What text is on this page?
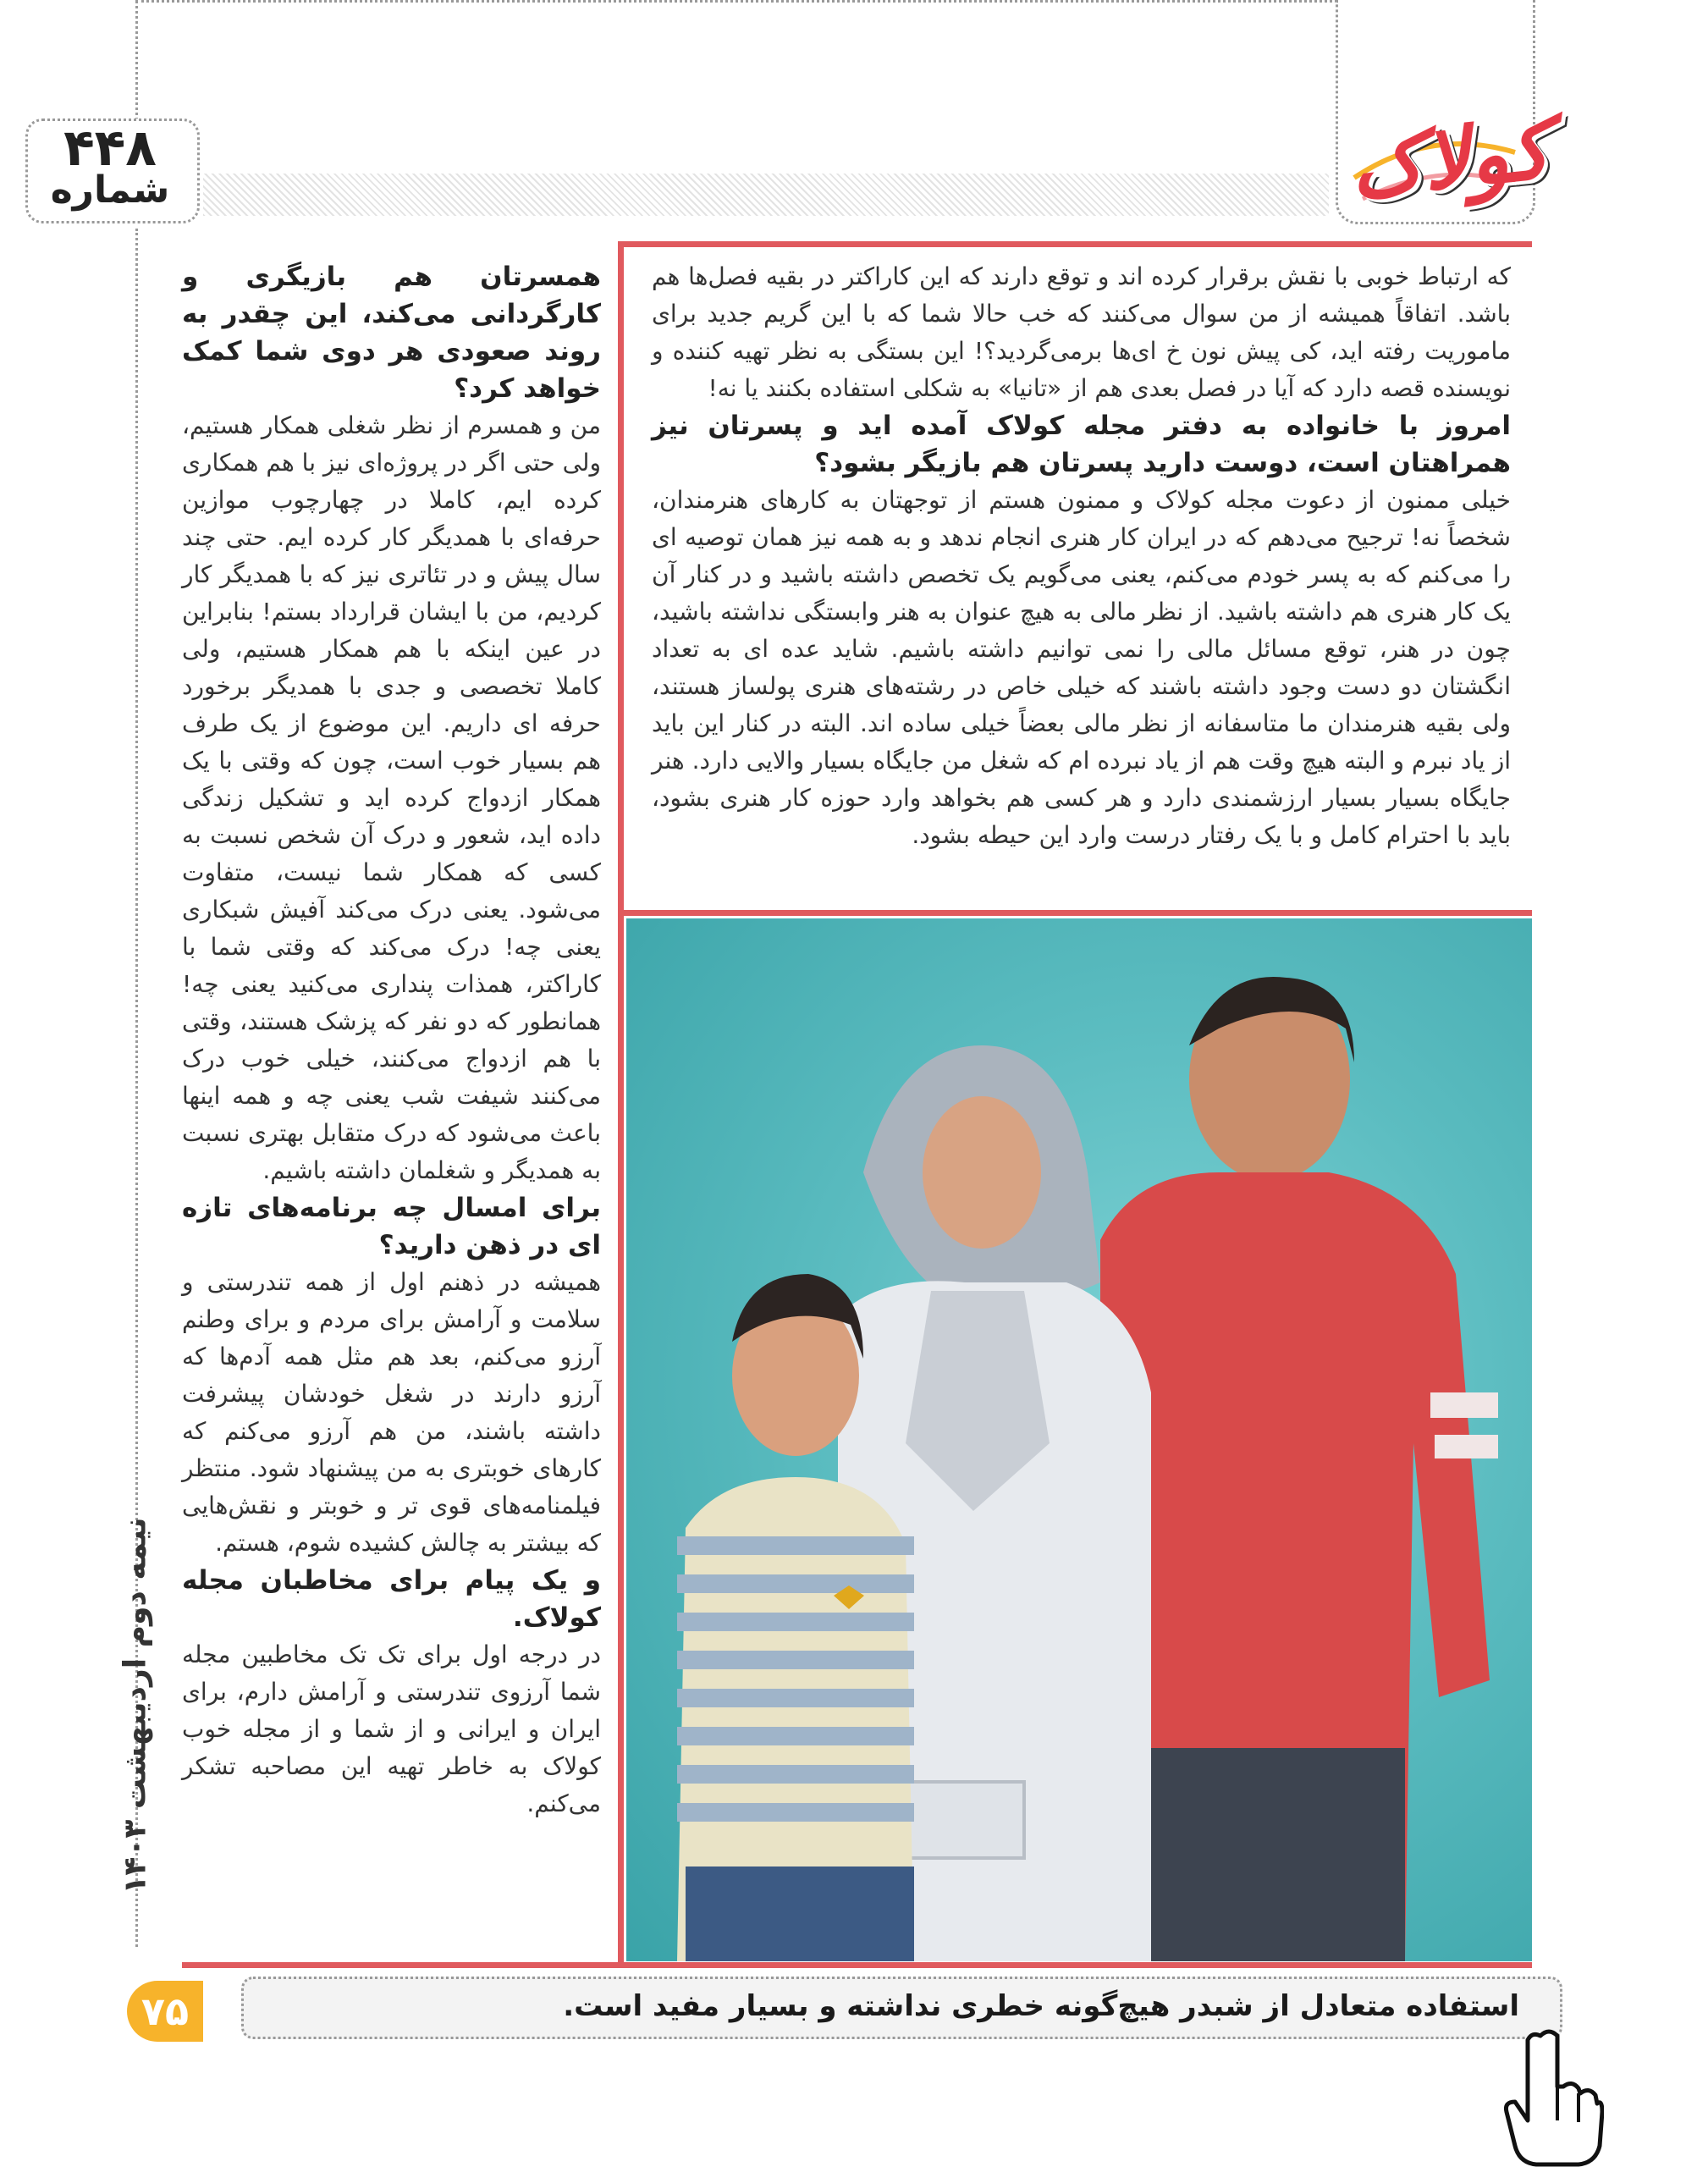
کولاک
۴۴۸
شماره

که ارتباط خوبی با نقش برقرار کرده اند و توقع دارند که این کاراکتر در بقیه فصل‌ها هم باشد. اتفاقاً همیشه از من سوال می‌کنند که خب حالا شما که با این گریم جدید برای ماموریت رفته اید، کی پیش نون خ ای‌ها برمی‌گردید؟! این بستگی به نظر تهیه کننده و نویسنده قصه دارد که آیا در فصل بعدی هم از «تانیا» به شکلی استفاده بکنند یا نه!

امروز با خانواده به دفتر مجله کولاک آمده اید و پسرتان نیز همراهتان است، دوست دارید پسرتان هم بازیگر بشود؟

خیلی ممنون از دعوت مجله کولاک و ممنون هستم از توجهتان به کارهای هنرمندان، شخصاً نه! ترجیح می‌دهم که در ایران کار هنری انجام ندهد و به همه نیز همان توصیه ای را می‌کنم که به پسر خودم می‌کنم، یعنی می‌گویم یک تخصص داشته باشید و در کنار آن یک کار هنری هم داشته باشید. از نظر مالی به هیچ عنوان به هنر وابستگی نداشته باشید، چون در هنر، توقع مسائل مالی را نمی توانیم داشته باشیم. شاید عده ای به تعداد انگشتان دو دست وجود داشته باشند که خیلی خاص در رشته‌های هنری پولساز هستند، ولی بقیه هنرمندان ما متاسفانه از نظر مالی بعضاً خیلی ساده اند. البته در کنار این باید از یاد نبرم و البته هیچ وقت هم از یاد نبرده ام که شغل من جایگاه بسیار والایی دارد. هنر جایگاه بسیار بسیار ارزشمندی دارد و هر کسی هم بخواهد وارد حوزه کار هنری بشود، باید با احترام کامل و با یک رفتار درست وارد این حیطه بشود.

همسرتان هم بازیگری و کارگردانی می‌کند، این چقدر به روند صعودی هر دوی شما کمک خواهد کرد؟

من و همسرم از نظر شغلی همکار هستیم، ولی حتی اگر در پروژه‌ای نیز با هم همکاری کرده ایم، کاملا در چهارچوب موازین حرفه‌ای با همدیگر کار کرده ایم. حتی چند سال پیش و در تئاتری نیز که با همدیگر کار کردیم، من با ایشان قرارداد بستم! بنابراین در عین اینکه با هم همکار هستیم، ولی کاملا تخصصی و جدی با همدیگر برخورد حرفه ای داریم. این موضوع از یک طرف هم بسیار خوب است، چون که وقتی با یک همکار ازدواج کرده اید و تشکیل زندگی داده اید، شعور و درک آن شخص نسبت به کسی که همکار شما نیست، متفاوت می‌شود. یعنی درک می‌کند آفیش شبکاری یعنی چه! درک می‌کند که وقتی شما با کاراکتر، همذات پنداری می‌کنید یعنی چه! همانطور که دو نفر که پزشک هستند، وقتی با هم ازدواج می‌کنند، خیلی خوب درک می‌کنند شیفت شب یعنی چه و همه اینها باعث می‌شود که درک متقابل بهتری نسبت به همدیگر و شغلمان داشته باشیم.

برای امسال چه برنامه‌های تازه ای در ذهن دارید؟

همیشه در ذهنم اول از همه تندرستی و سلامت و آرامش برای مردم و برای وطنم آرزو می‌کنم، بعد هم مثل همه آدم‌ها که آرزو دارند در شغل خودشان پیشرفت داشته باشند، من هم آرزو می‌کنم که کارهای خوبتری به من پیشنهاد شود. منتظر فیلمنامه‌های قوی تر و خوبتر و نقش‌هایی که بیشتر به چالش کشیده شوم، هستم.

و یک پیام برای مخاطبان مجله کولاک.

در درجه اول برای تک تک مخاطبین مجله شما آرزوی تندرستی و آرامش دارم، برای ایران و ایرانی و از شما و از مجله خوب کولاک به خاطر تهیه این مصاحبه تشکر می‌کنم.

نیمه دوم اردیبهشت ۱۴۰۳
۷۵	استفاده متعادل از شبدر هیچ‌گونه خطری نداشته و بسیار مفید است.
